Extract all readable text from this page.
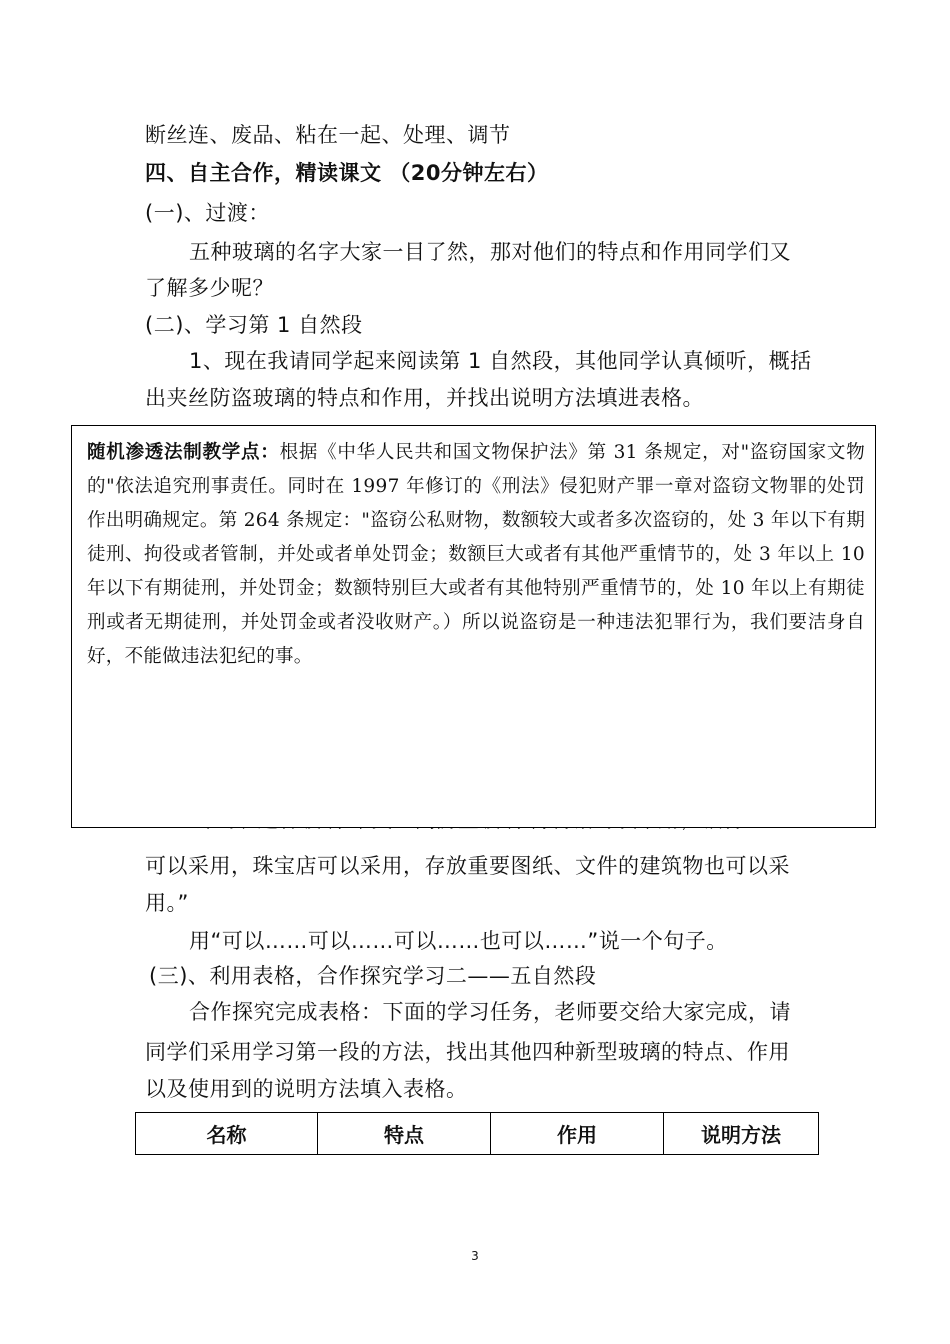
断丝连、废品、粘在一起、处理、调节
四、自主合作，精读课文 （20分钟左右）
(一)、过渡：
五种玻璃的名字大家一目了然，那对他们的特点和作用同学们又
了解多少呢？
(二)、学习第 1 自然段
1、现在我请同学起来阅读第 1 自然段，其他同学认真倾听，概括
出夹丝防盗玻璃的特点和作用，并找出说明方法填进表格。
随机渗透法制教学点：根据《中华人民共和国文物保护法》第 31 条规定，对"盗窃国家文物的"依法追究刑事责任。同时在 1997 年修订的《刑法》侵犯财产罪一章对盗窃文物罪的处罚作出明确规定。第 264 条规定："盗窃公私财物，数额较大或者多次盗窃的，处 3 年以下有期徒刑、拘役或者管制，并处或者单处罚金；数额巨大或者有其他严重情节的，处 3 年以上 10 年以下有期徒刑，并处罚金；数额特别巨大或者有其他特别严重情节的，处 10 年以上有期徒刑或者无期徒刑，并处罚金或者没收财产。）所以说盗窃是一种违法犯罪行为，我们要洁身自好，不能做违法犯纪的事。
可以采用，珠宝店可以采用，存放重要图纸、文件的建筑物也可以采
用。”
用“可以……可以……可以……也可以……”说一个句子。
(三)、利用表格，合作探究学习二——五自然段
合作探究完成表格：下面的学习任务，老师要交给大家完成，请
同学们采用学习第一段的方法，找出其他四种新型玻璃的特点、作用
以及使用到的说明方法填入表格。
名称	特点	作用	说明方法
3
